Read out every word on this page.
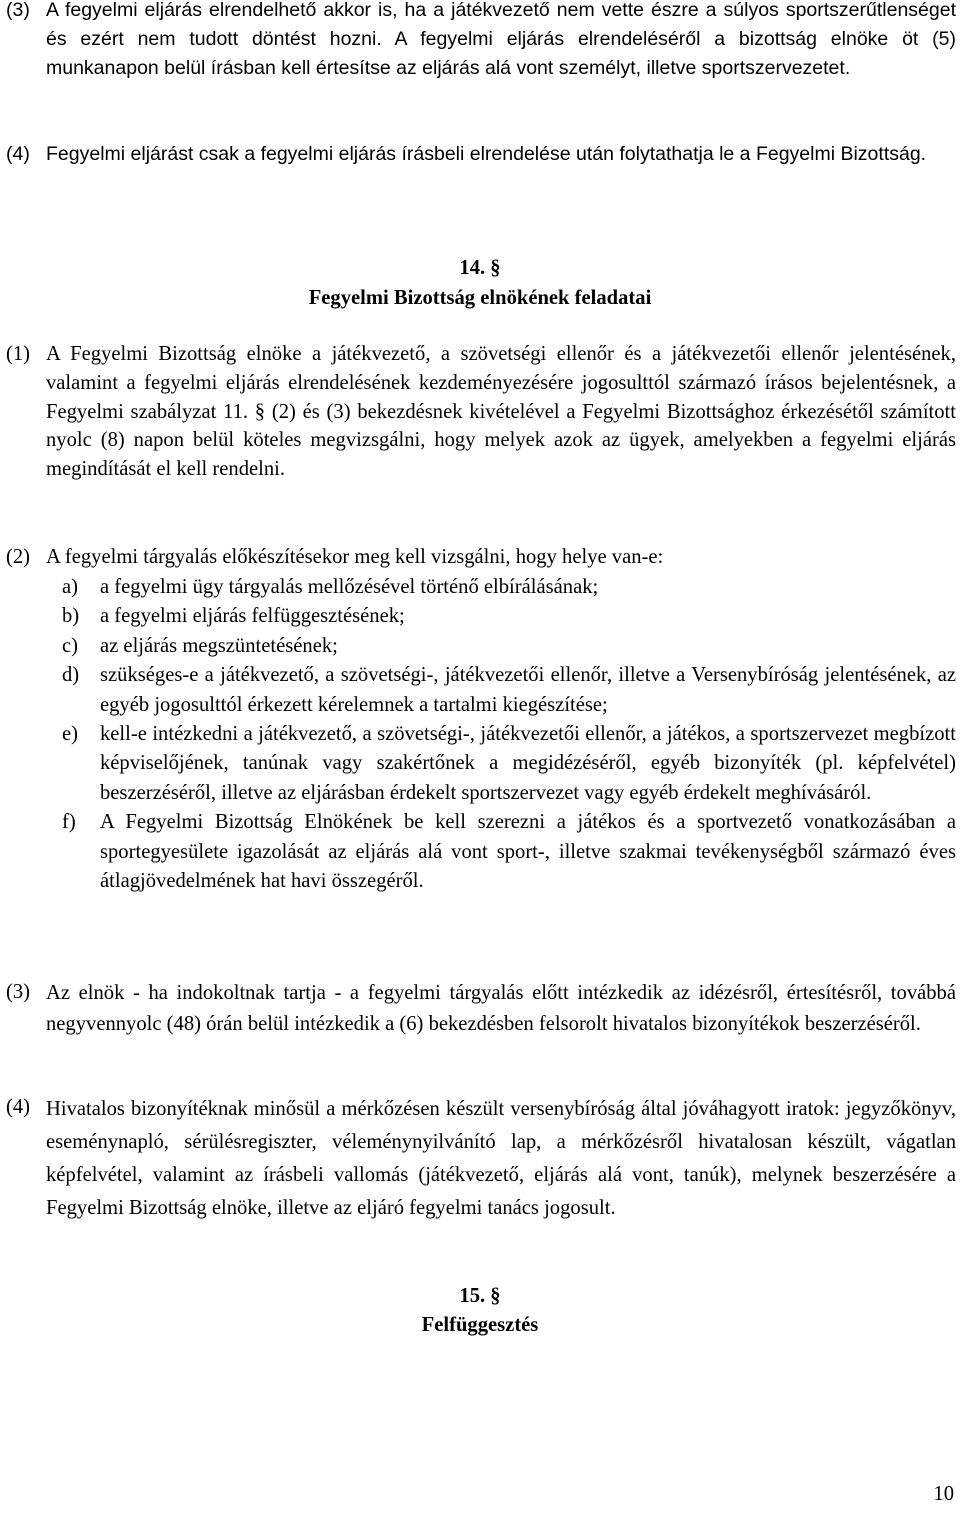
(3) A fegyelmi eljárás elrendelhető akkor is, ha a játékvezető nem vette észre a súlyos sportszerűtlenséget és ezért nem tudott döntést hozni. A fegyelmi eljárás elrendeléséről a bizottság elnöke öt (5) munkanapon belül írásban kell értesítse az eljárás alá vont személyt, illetve sportszervezetet.
(4) Fegyelmi eljárást csak a fegyelmi eljárás írásbeli elrendelése után folytathatja le a Fegyelmi Bizottság.
14. §
Fegyelmi Bizottság elnökének feladatai
(1) A Fegyelmi Bizottság elnöke a játékvezető, a szövetségi ellenőr és a játékvezetői ellenőr jelentésének, valamint a fegyelmi eljárás elrendelésének kezdeményezésére jogosulttól származó írásos bejelentésnek, a Fegyelmi szabályzat 11. § (2) és (3) bekezdésnek kivételével a Fegyelmi Bizottsághoz érkezésétől számított nyolc (8) napon belül köteles megvizsgálni, hogy melyek azok az ügyek, amelyekben a fegyelmi eljárás megindítását el kell rendelni.
(2) A fegyelmi tárgyalás előkészítésekor meg kell vizsgálni, hogy helye van-e:
a) a fegyelmi ügy tárgyalás mellőzésével történő elbírálásának;
b) a fegyelmi eljárás felfüggesztésének;
c) az eljárás megszüntetésének;
d) szükséges-e a játékvezető, a szövetségi-, játékvezetői ellenőr, illetve a Versenybíróság jelentésének, az egyéb jogosulttól érkezett kérelemnek a tartalmi kiegészítése;
e) kell-e intézkedni a játékvezető, a szövetségi-, játékvezetői ellenőr, a játékos, a sportszervezet megbízott képviselőjének, tanúnak vagy szakértőnek a megidézéséről, egyéb bizonyíték (pl. képfelvétel) beszerzéséről, illetve az eljárásban érdekelt sportszervezet vagy egyéb érdekelt meghívásáról.
f) A Fegyelmi Bizottság Elnökének be kell szerezni a játékos és a sportvezető vonatkozásában a sportegyesülete igazolását az eljárás alá vont sport-, illetve szakmai tevékenységből származó éves átlagjövedelmének hat havi összegéről.
(3) Az elnök - ha indokoltnak tartja - a fegyelmi tárgyalás előtt intézkedik az idézésről, értesítésről, továbbá negyvennyolc (48) órán belül intézkedik a (6) bekezdésben felsorolt hivatalos bizonyítékok beszerzéséről.
(4) Hivatalos bizonyítéknak minősül a mérkőzésen készült versenybíróság által jóváhagyott iratok: jegyzőkönyv, eseménynapló, sérülésregiszter, véleménynyilvánító lap, a mérkőzésről hivatalosan készült, vágatlan képfelvétel, valamint az írásbeli vallomás (játékvezető, eljárás alá vont, tanúk), melynek beszerzésére a Fegyelmi Bizottság elnöke, illetve az eljáró fegyelmi tanács jogosult.
15. §
Felfüggesztés
10
